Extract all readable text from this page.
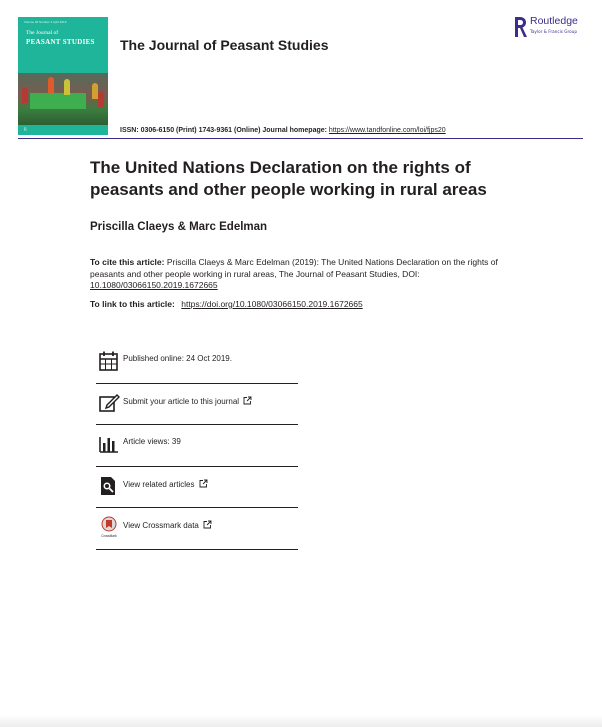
Volume 46 Number 3 April 2019
The Journal of
PEASANT STUDIES
R
The Journal of Peasant Studies
Routledge
Taylor & Francis Group
ISSN: 0306-6150 (Print) 1743-9361 (Online) Journal homepage: https://www.tandfonline.com/loi/fjps20
The United Nations Declaration on the rights of peasants and other people working in rural areas
Priscilla Claeys & Marc Edelman
To cite this article: Priscilla Claeys & Marc Edelman (2019): The United Nations Declaration on the rights of peasants and other people working in rural areas, The Journal of Peasant Studies, DOI: 10.1080/03066150.2019.1672665
To link to this article: https://doi.org/10.1080/03066150.2019.1672665
Published online: 24 Oct 2019.
Submit your article to this journal
Article views: 39
View related articles
CrossMark
View Crossmark data
